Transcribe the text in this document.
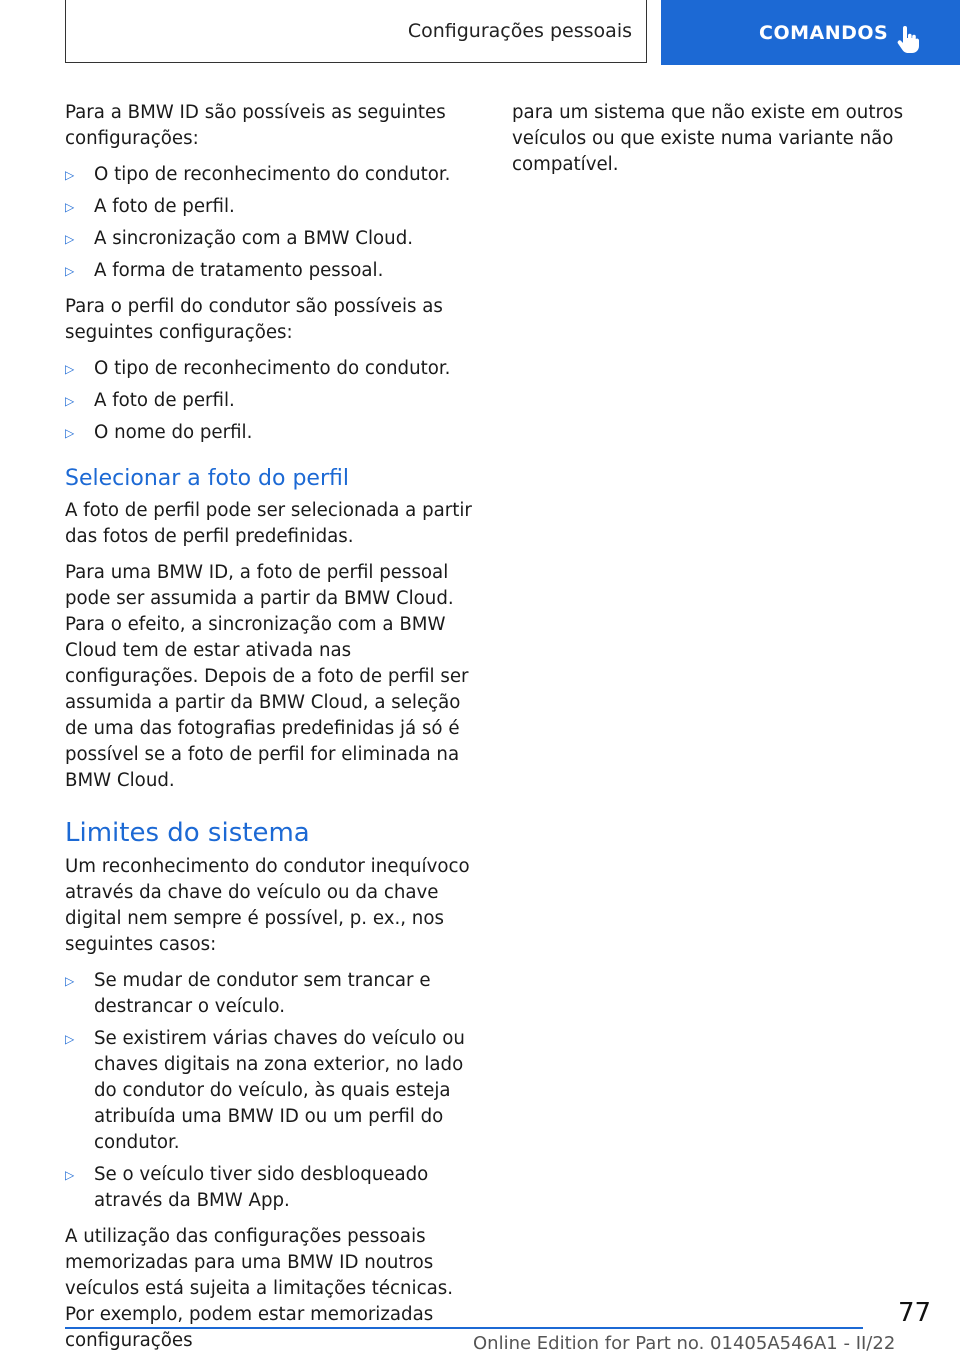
Configurações pessoais	COMANDOS

Para a BMW ID são possíveis as seguintes configurações:

▷ O tipo de reconhecimento do condutor.
▷ A foto de perfil.
▷ A sincronização com a BMW Cloud.
▷ A forma de tratamento pessoal.

Para o perfil do condutor são possíveis as seguintes configurações:

▷ O tipo de reconhecimento do condutor.
▷ A foto de perfil.
▷ O nome do perfil.
Selecionar a foto do perfil

A foto de perfil pode ser selecionada a partir das fotos de perfil predefinidas.

Para uma BMW ID, a foto de perfil pessoal pode ser assumida a partir da BMW Cloud. Para o efeito, a sincronização com a BMW Cloud tem de estar ativada nas configurações. Depois de a foto de perfil ser assumida a partir da BMW Cloud, a seleção de uma das fotografias predefinidas já só é possível se a foto de perfil for eliminada na BMW Cloud.

Limites do sistema

Um reconhecimento do condutor inequívoco através da chave do veículo ou da chave digital nem sempre é possível, p. ex., nos seguintes casos:

▷ Se mudar de condutor sem trancar e destrancar o veículo.
▷ Se existirem várias chaves do veículo ou chaves digitais na zona exterior, no lado do condutor do veículo, às quais esteja atribuída uma BMW ID ou um perfil do condutor.
▷ Se o veículo tiver sido desbloqueado através da BMW App.

A utilização das configurações pessoais memorizadas para uma BMW ID noutros veículos está sujeita a limitações técnicas. Por exemplo, podem estar memorizadas configurações

para um sistema que não existe em outros veículos ou que existe numa variante não compatível.

77
Online Edition for Part no. 01405A546A1 - II/22
